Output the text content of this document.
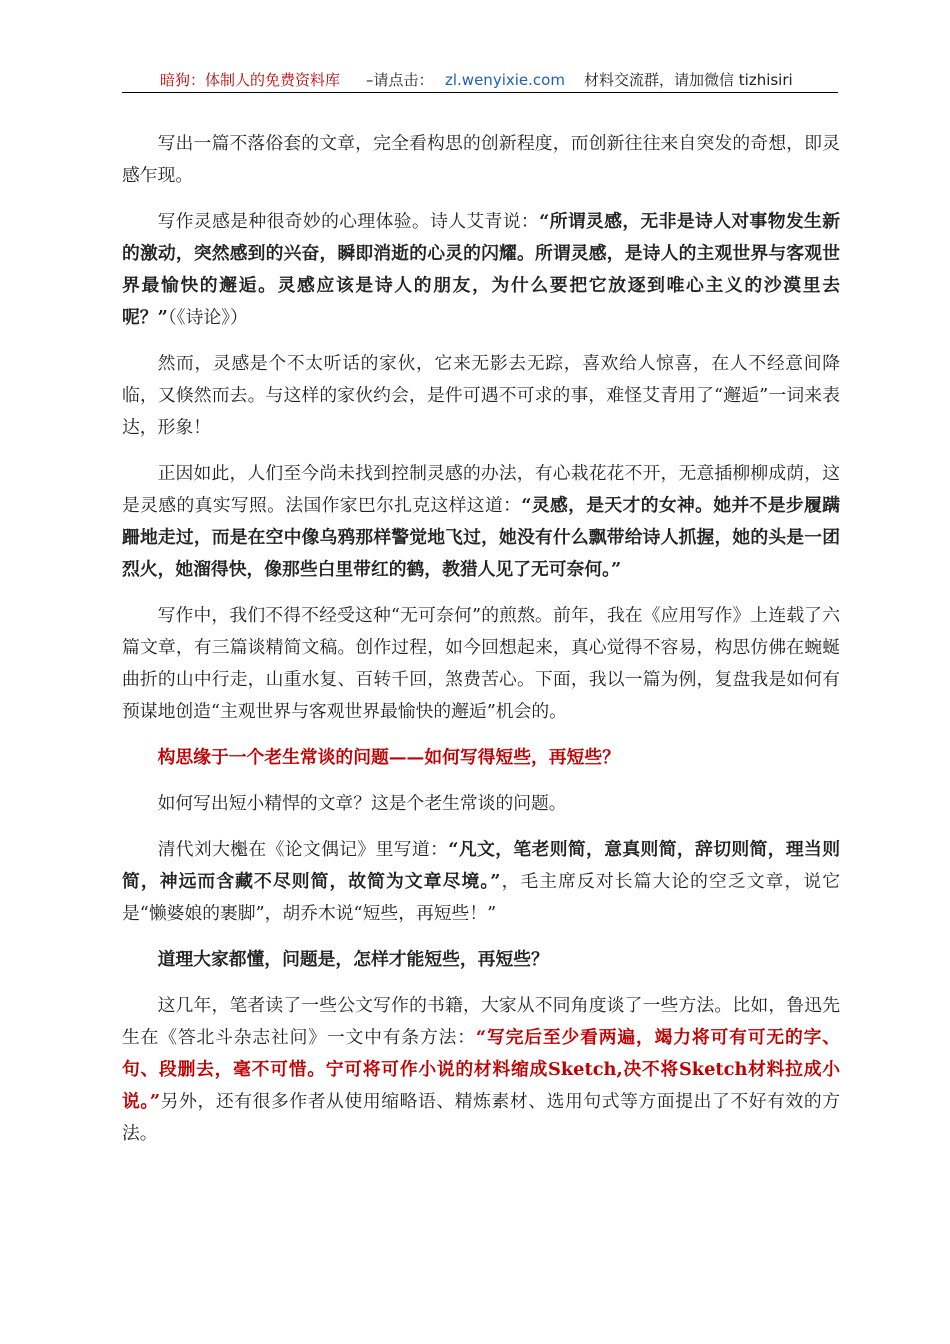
暗狗：体制人的免费资料库 –请点击： zl.wenyixie.com 材料交流群，请加微信 tizhisiri

写出一篇不落俗套的文章，完全看构思的创新程度，而创新往往来自突发的奇想，即灵感乍现。

写作灵感是种很奇妙的心理体验。诗人艾青说：“所谓灵感，无非是诗人对事物发生新的激动，突然感到的兴奋，瞬即消逝的心灵的闪耀。所谓灵感，是诗人的主观世界与客观世界最愉快的邂逅。灵感应该是诗人的朋友，为什么要把它放逐到唯心主义的沙漠里去呢？”（《诗论》）

然而，灵感是个不太听话的家伙，它来无影去无踪，喜欢给人惊喜，在人不经意间降临，又倏然而去。与这样的家伙约会，是件可遇不可求的事，难怪艾青用了“邂逅”一词来表达，形象！

正因如此，人们至今尚未找到控制灵感的办法，有心栽花花不开，无意插柳柳成荫，这是灵感的真实写照。法国作家巴尔扎克这样这道：“灵感，是天才的女神。她并不是步履蹒跚地走过，而是在空中像乌鸦那样警觉地飞过，她没有什么飘带给诗人抓握，她的头是一团烈火，她溜得快，像那些白里带红的鹤，教猎人见了无可奈何。”

写作中，我们不得不经受这种“无可奈何”的煎熬。前年，我在《应用写作》上连载了六篇文章，有三篇谈精简文稿。创作过程，如今回想起来，真心觉得不容易，构思仿佛在蜿蜒曲折的山中行走，山重水复、百转千回，煞费苦心。下面，我以一篇为例，复盘我是如何有预谋地创造“主观世界与客观世界最愉快的邂逅”机会的。

构思缘于一个老生常谈的问题——如何写得短些，再短些？

如何写出短小精悍的文章？这是个老生常谈的问题。

清代刘大櫆在《论文偶记》里写道：“凡文，笔老则简，意真则简，辞切则简，理当则简，神远而含藏不尽则简，故简为文章尽境。”，毛主席反对长篇大论的空乏文章，说它是“懒婆娘的裹脚”，胡乔木说“短些，再短些！”

道理大家都懂，问题是，怎样才能短些，再短些？

这几年，笔者读了一些公文写作的书籍，大家从不同角度谈了一些方法。比如，鲁迅先生在《答北斗杂志社问》一文中有条方法：“写完后至少看两遍，竭力将可有可无的字、句、段删去，毫不可惜。宁可将可作小说的材料缩成Sketch,决不将Sketch材料拉成小说。”另外，还有很多作者从使用缩略语、精炼素材、选用句式等方面提出了不好有效的方法。
